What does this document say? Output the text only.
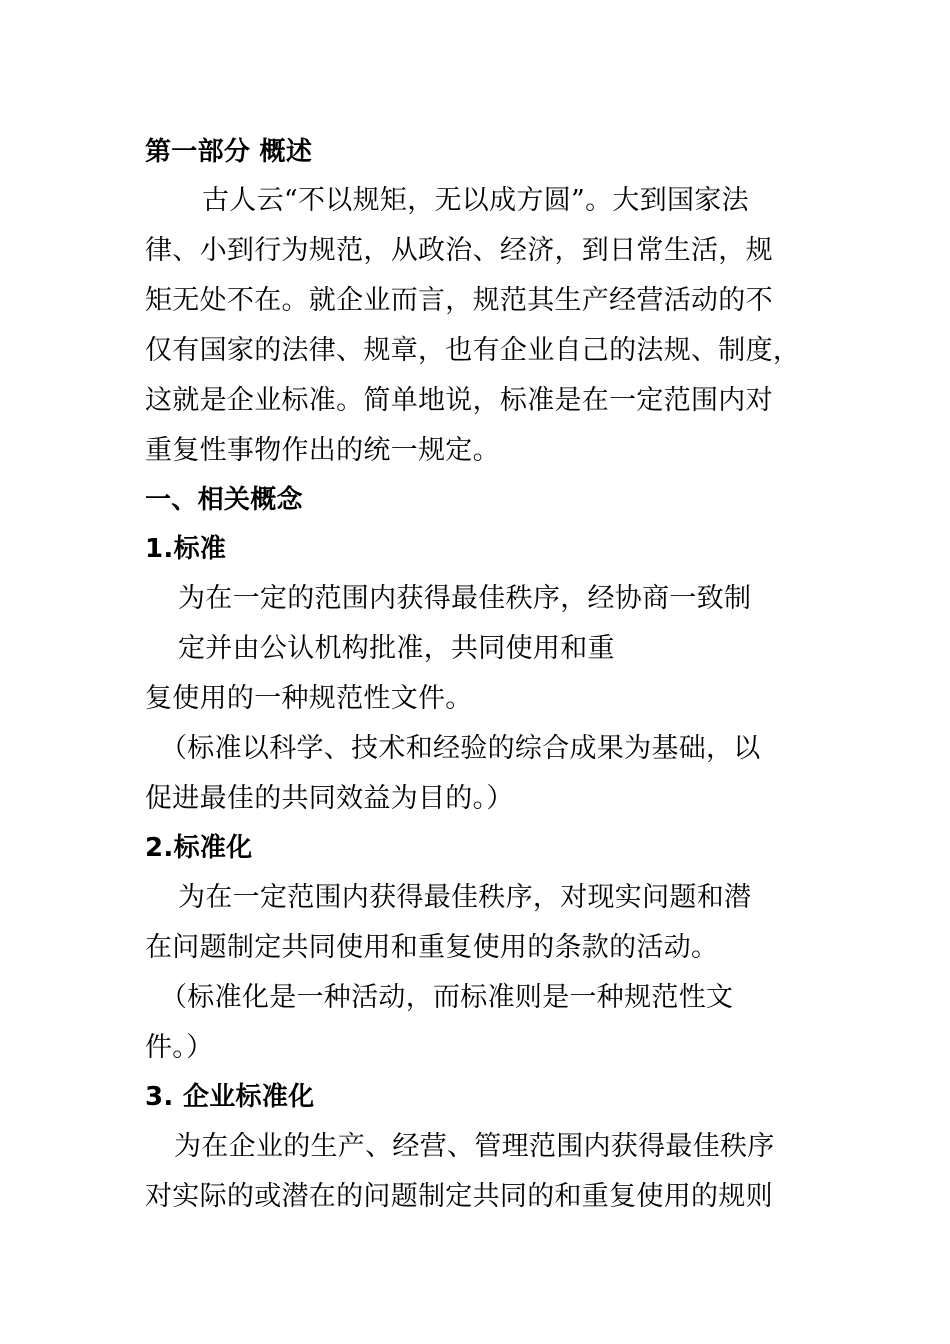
第一部分 概述
古人云“不以规矩，无以成方圆”。大到国家法
律、小到行为规范，从政治、经济，到日常生活，规
矩无处不在。就企业而言，规范其生产经营活动的不
仅有国家的法律、规章，也有企业自己的法规、制度，
这就是企业标准。简单地说，标准是在一定范围内对
重复性事物作出的统一规定。
一、相关概念
1.标准
为在一定的范围内获得最佳秩序，经协商一致制
定并由公认机构批准，共同使用和重
复使用的一种规范性文件。
（标准以科学、技术和经验的综合成果为基础，以
促进最佳的共同效益为目的。）
2.标准化
为在一定范围内获得最佳秩序，对现实问题和潜
在问题制定共同使用和重复使用的条款的活动。
（标准化是一种活动，而标准则是一种规范性文
件。）
3. 企业标准化
为在企业的生产、经营、管理范围内获得最佳秩序
对实际的或潜在的问题制定共同的和重复使用的规则
